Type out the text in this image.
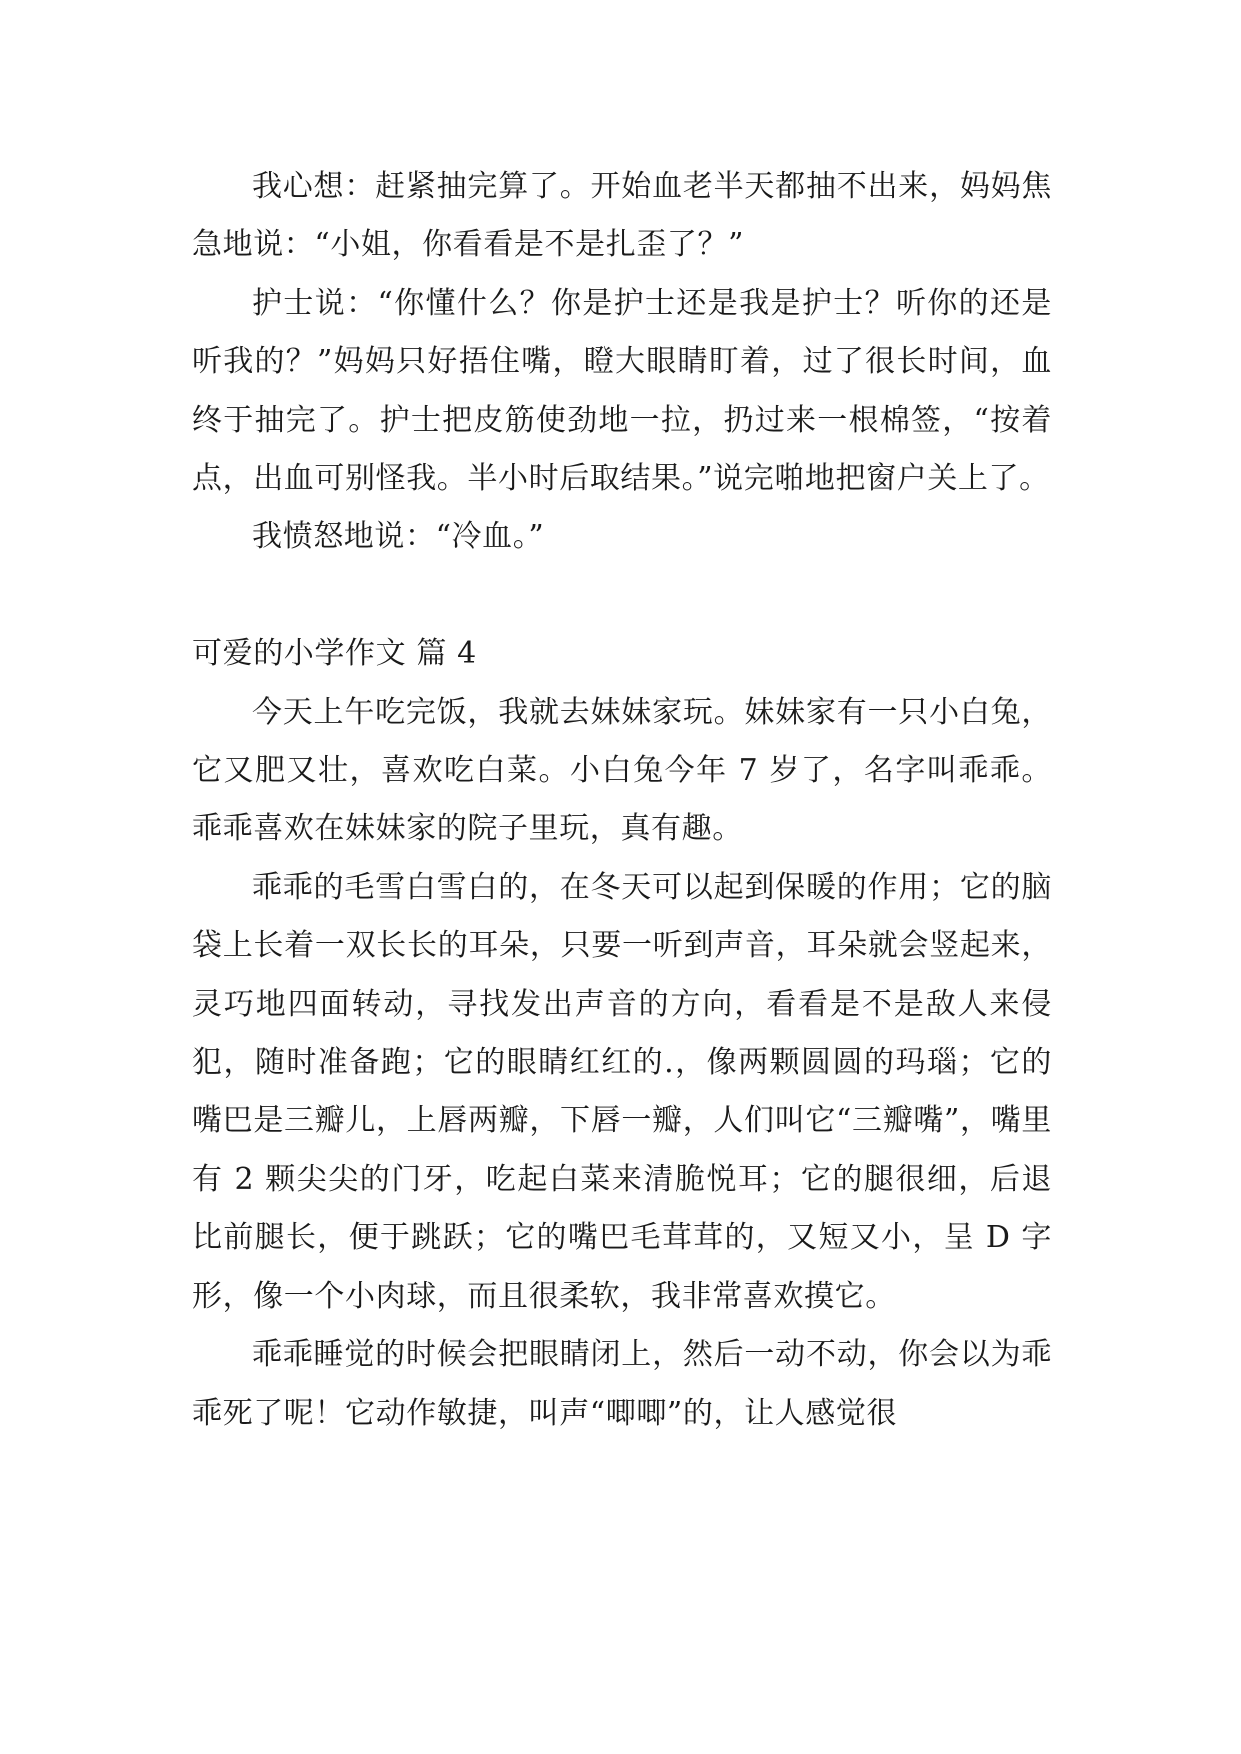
我心想：赶紧抽完算了。开始血老半天都抽不出来，妈妈焦急地说：“小姐，你看看是不是扎歪了？”

护士说：“你懂什么？你是护士还是我是护士？听你的还是听我的？”妈妈只好捂住嘴，瞪大眼睛盯着，过了很长时间，血终于抽完了。护士把皮筋使劲地一拉，扔过来一根棉签，“按着点，出血可别怪我。半小时后取结果。”说完啪地把窗户关上了。

我愤怒地说：“冷血。”

可爱的小学作文 篇 4

今天上午吃完饭，我就去妹妹家玩。妹妹家有一只小白兔，它又肥又壮，喜欢吃白菜。小白兔今年 7 岁了，名字叫乖乖。乖乖喜欢在妹妹家的院子里玩，真有趣。

乖乖的毛雪白雪白的，在冬天可以起到保暖的作用；它的脑袋上长着一双长长的耳朵，只要一听到声音，耳朵就会竖起来，灵巧地四面转动，寻找发出声音的方向，看看是不是敌人来侵犯，随时准备跑；它的眼睛红红的.，像两颗圆圆的玛瑙；它的嘴巴是三瓣儿，上唇两瓣，下唇一瓣，人们叫它“三瓣嘴”，嘴里有 2 颗尖尖的门牙，吃起白菜来清脆悦耳；它的腿很细，后退比前腿长，便于跳跃；它的嘴巴毛茸茸的，又短又小，呈 D 字形，像一个小肉球，而且很柔软，我非常喜欢摸它。

乖乖睡觉的时候会把眼睛闭上，然后一动不动，你会以为乖乖死了呢！它动作敏捷，叫声“唧唧”的，让人感觉很
